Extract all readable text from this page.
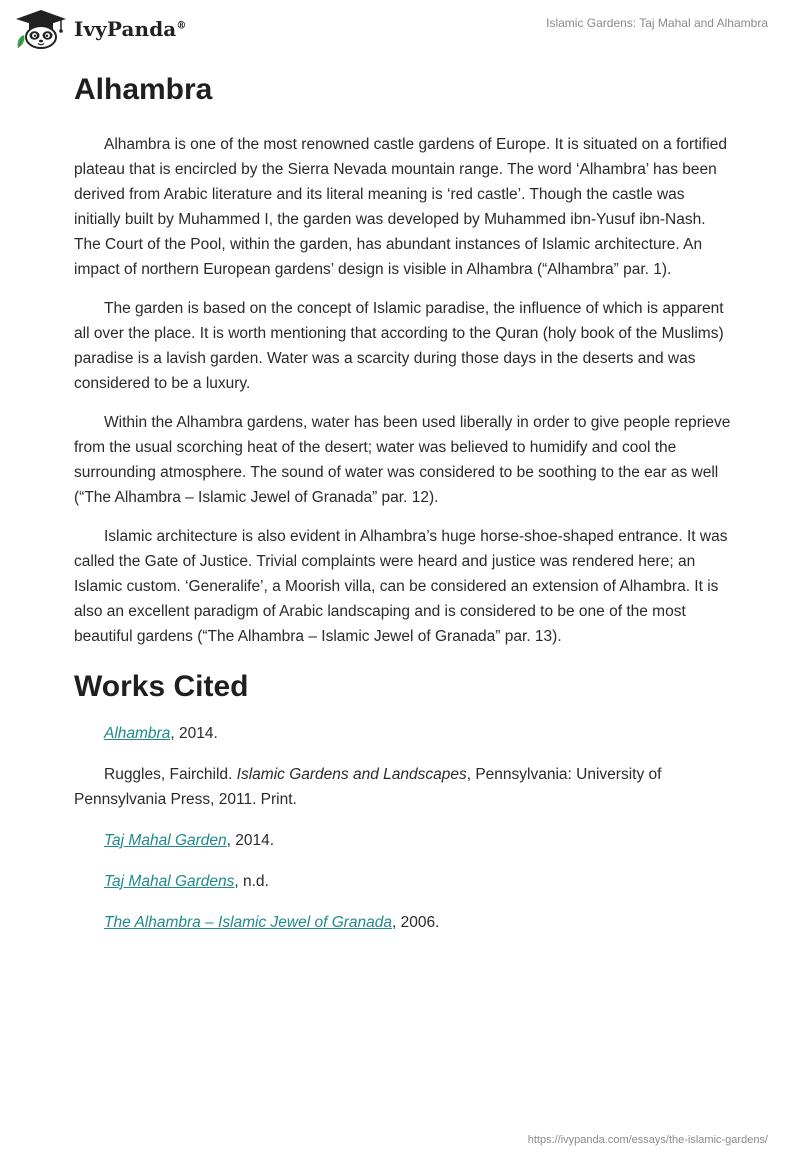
IvyPanda®	Islamic Gardens: Taj Mahal and Alhambra
Alhambra

Alhambra is one of the most renowned castle gardens of Europe. It is situated on a fortified plateau that is encircled by the Sierra Nevada mountain range. The word ‘Alhambra’ has been derived from Arabic literature and its literal meaning is ‘red castle’. Though the castle was initially built by Muhammed I, the garden was developed by Muhammed ibn-Yusuf ibn-Nash. The Court of the Pool, within the garden, has abundant instances of Islamic architecture. An impact of northern European gardens’ design is visible in Alhambra (“Alhambra” par. 1).

The garden is based on the concept of Islamic paradise, the influence of which is apparent all over the place. It is worth mentioning that according to the Quran (holy book of the Muslims) paradise is a lavish garden. Water was a scarcity during those days in the deserts and was considered to be a luxury.

Within the Alhambra gardens, water has been used liberally in order to give people reprieve from the usual scorching heat of the desert; water was believed to humidify and cool the surrounding atmosphere. The sound of water was considered to be soothing to the ear as well (“The Alhambra – Islamic Jewel of Granada” par. 12).

Islamic architecture is also evident in Alhambra’s huge horse-shoe-shaped entrance. It was called the Gate of Justice. Trivial complaints were heard and justice was rendered here; an Islamic custom. ‘Generalife’, a Moorish villa, can be considered an extension of Alhambra. It is also an excellent paradigm of Arabic landscaping and is considered to be one of the most beautiful gardens (“The Alhambra – Islamic Jewel of Granada” par. 13).

Works Cited

Alhambra, 2014.

Ruggles, Fairchild. Islamic Gardens and Landscapes, Pennsylvania: University of Pennsylvania Press, 2011. Print.

Taj Mahal Garden, 2014.

Taj Mahal Gardens, n.d.

The Alhambra – Islamic Jewel of Granada, 2006.

https://ivypanda.com/essays/the-islamic-gardens/
